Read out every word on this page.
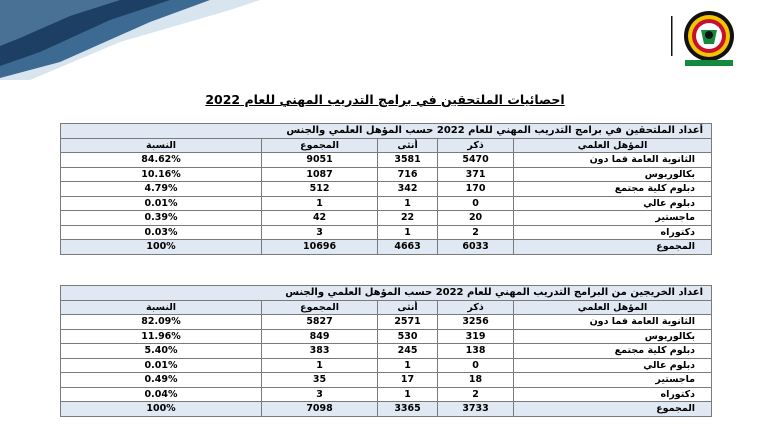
احصائيات الملتحقين في برامج التدريب المهني للعام 2022
أعداد الملتحقين في برامج التدريب المهني للعام 2022 حسب المؤهل العلمي والجنس				
المؤهل العلمي	ذكر	أنثى	المجموع	النسبة
الثانوية العامة فما دون	5470	3581	9051	84.62%
بكالوريوس	371	716	1087	10.16%
دبلوم كلية مجتمع	170	342	512	4.79%
دبلوم عالي	0	1	1	0.01%
ماجستير	20	22	42	0.39%
دكتوراه	2	1	3	0.03%
المجموع	6033	4663	10696	100%
اعداد الخريجين من البرامج التدريب المهني للعام 2022 حسب المؤهل العلمي والجنس				
المؤهل العلمي	ذكر	أنثى	المجموع	النسبة
الثانوية العامة فما دون	3256	2571	5827	82.09%
بكالوريوس	319	530	849	11.96%
دبلوم كلية مجتمع	138	245	383	5.40%
دبلوم عالي	0	1	1	0.01%
ماجستير	18	17	35	0.49%
دكتوراه	2	1	3	0.04%
المجموع	3733	3365	7098	100%
